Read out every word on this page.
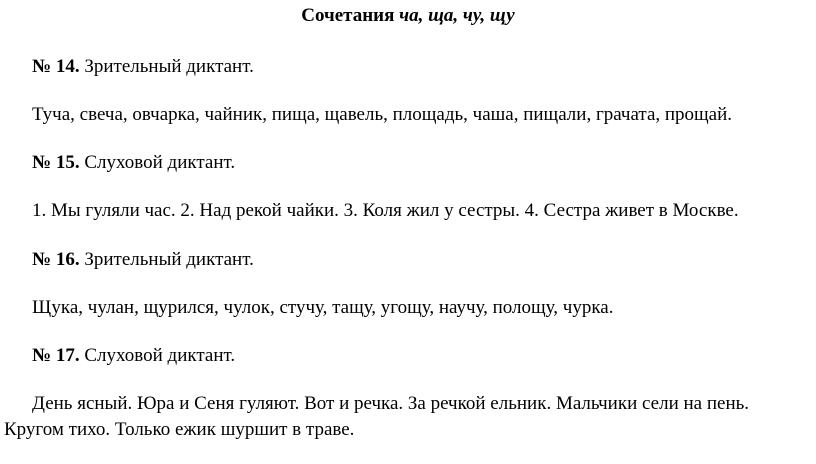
Сочетания ча, ща, чу, щу
№ 14. Зрительный диктант.
Туча, свеча, овчарка, чайник, пища, щавель, площадь, чаша, пищали, грачата, прощай.
№ 15. Слуховой диктант.
1. Мы гуляли час. 2. Над рекой чайки. 3. Коля жил у сестры. 4. Сестра живет в Москве.
№ 16. Зрительный диктант.
Щука, чулан, щурился, чулок, стучу, тащу, угощу, научу, полощу, чурка.
№ 17. Слуховой диктант.
День ясный. Юра и Сеня гуляют. Вот и речка. За речкой ельник. Мальчики сели на пень.
Кругом тихо. Только ежик шуршит в траве.
